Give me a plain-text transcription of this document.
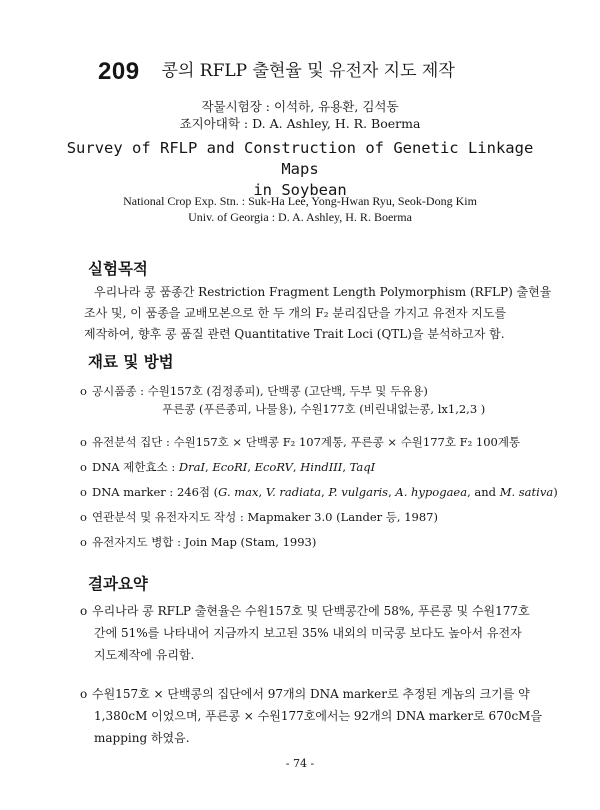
209 콩의 RFLP 출현율 및 유전자 지도 제작
작물시험장 : 이석하, 유용환, 김석동
죠지아대학 : D. A. Ashley, H. R. Boerma
Survey of RFLP and Construction of Genetic Linkage Maps
in Soybean
National Crop Exp. Stn. : Suk-Ha Lee, Yong-Hwan Ryu, Seok-Dong Kim
Univ. of Georgia : D. A. Ashley, H. R. Boerma
실험목적
우리나라 콩 품종간 Restriction Fragment Length Polymorphism (RFLP) 출현율
조사 및, 이 품종을 교배모본으로 한 두 개의 F₂ 분리집단을 가지고 유전자 지도를
제작하여, 향후 콩 품질 관련 Quantitative Trait Loci (QTL)을 분석하고자 함.
재료 및 방법
o 공시품종 : 수원157호 (검정종피), 단백콩 (고단백, 두부 및 두유용)
푸른콩 (푸른종피, 나물용), 수원177호 (비린내없는콩, lx1,2,3 )
o 유전분석 집단 : 수원157호 × 단백콩 F₂ 107계통, 푸른콩 × 수원177호 F₂ 100계통
o DNA 제한효소 : DraI, EcoRI, EcoRV, HindIII, TaqI
o DNA marker : 246점 (G. max, V. radiata, P. vulgaris, A. hypogaea, and M. sativa)
o 연관분석 및 유전자지도 작성 : Mapmaker 3.0 (Lander 등, 1987)
o 유전자지도 병합 : Join Map (Stam, 1993)
결과요약
o 우리나라 콩 RFLP 출현율은 수원157호 및 단백콩간에 58%, 푸른콩 및 수원177호
간에 51%를 나타내어 지금까지 보고된 35% 내외의 미국콩 보다도 높아서 유전자
지도제작에 유리함.
o 수원157호 × 단백콩의 집단에서 97개의 DNA marker로 추정된 게놈의 크기를 약
1,380cM 이었으며, 푸른콩 × 수원177호에서는 92개의 DNA marker로 670cM을
mapping 하였음.
- 74 -
